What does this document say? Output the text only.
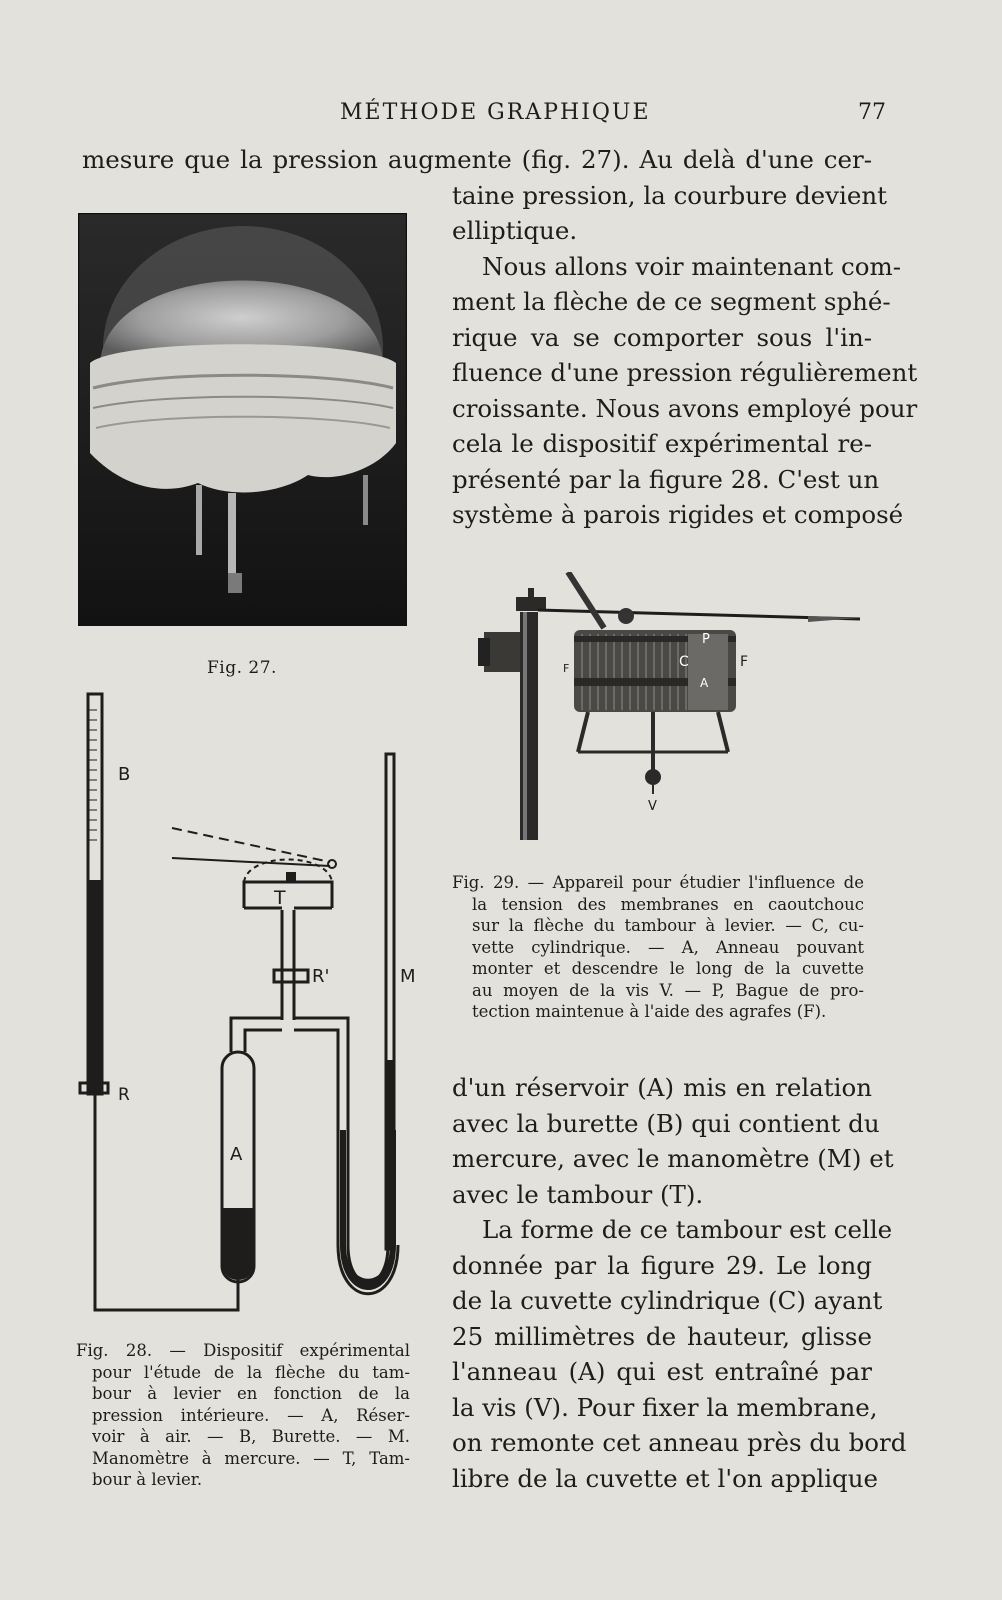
MÉTHODE GRAPHIQUE	77
mesure que la pression augmente (fig. 27). Au delà d'une cer-
taine pression, la courbure devient
elliptique.
Nous allons voir maintenant com-
ment la flèche de ce segment sphé-
rique va se comporter sous l'in-
fluence d'une pression régulièrement
croissante. Nous avons employé pour
cela le dispositif expérimental re-
présenté par la figure 28. C'est un
système à parois rigides et composé
Fig. 27.
P
C	F
A
F
V
Fig. 29. — Appareil pour étudier l'influence de
la tension des membranes en caoutchouc
sur la flèche du tambour à levier. — C, cu-
vette cylindrique. — A, Anneau pouvant
monter et descendre le long de la cuvette
au moyen de la vis V. — P, Bague de pro-
tection maintenue à l'aide des agrafes (F).
B
R
T
R'	M
A
Fig. 28. — Dispositif expérimental
pour l'étude de la flèche du tam-
bour à levier en fonction de la
pression intérieure. — A, Réser-
voir à air. — B, Burette. — M.
Manomètre à mercure. — T, Tam-
bour à levier.
d'un réservoir (A) mis en relation
avec la burette (B) qui contient du
mercure, avec le manomètre (M) et
avec le tambour (T).
La forme de ce tambour est celle
donnée par la figure 29. Le long
de la cuvette cylindrique (C) ayant
25 millimètres de hauteur, glisse
l'anneau (A) qui est entraîné par
la vis (V). Pour fixer la membrane,
on remonte cet anneau près du bord
libre de la cuvette et l'on applique
